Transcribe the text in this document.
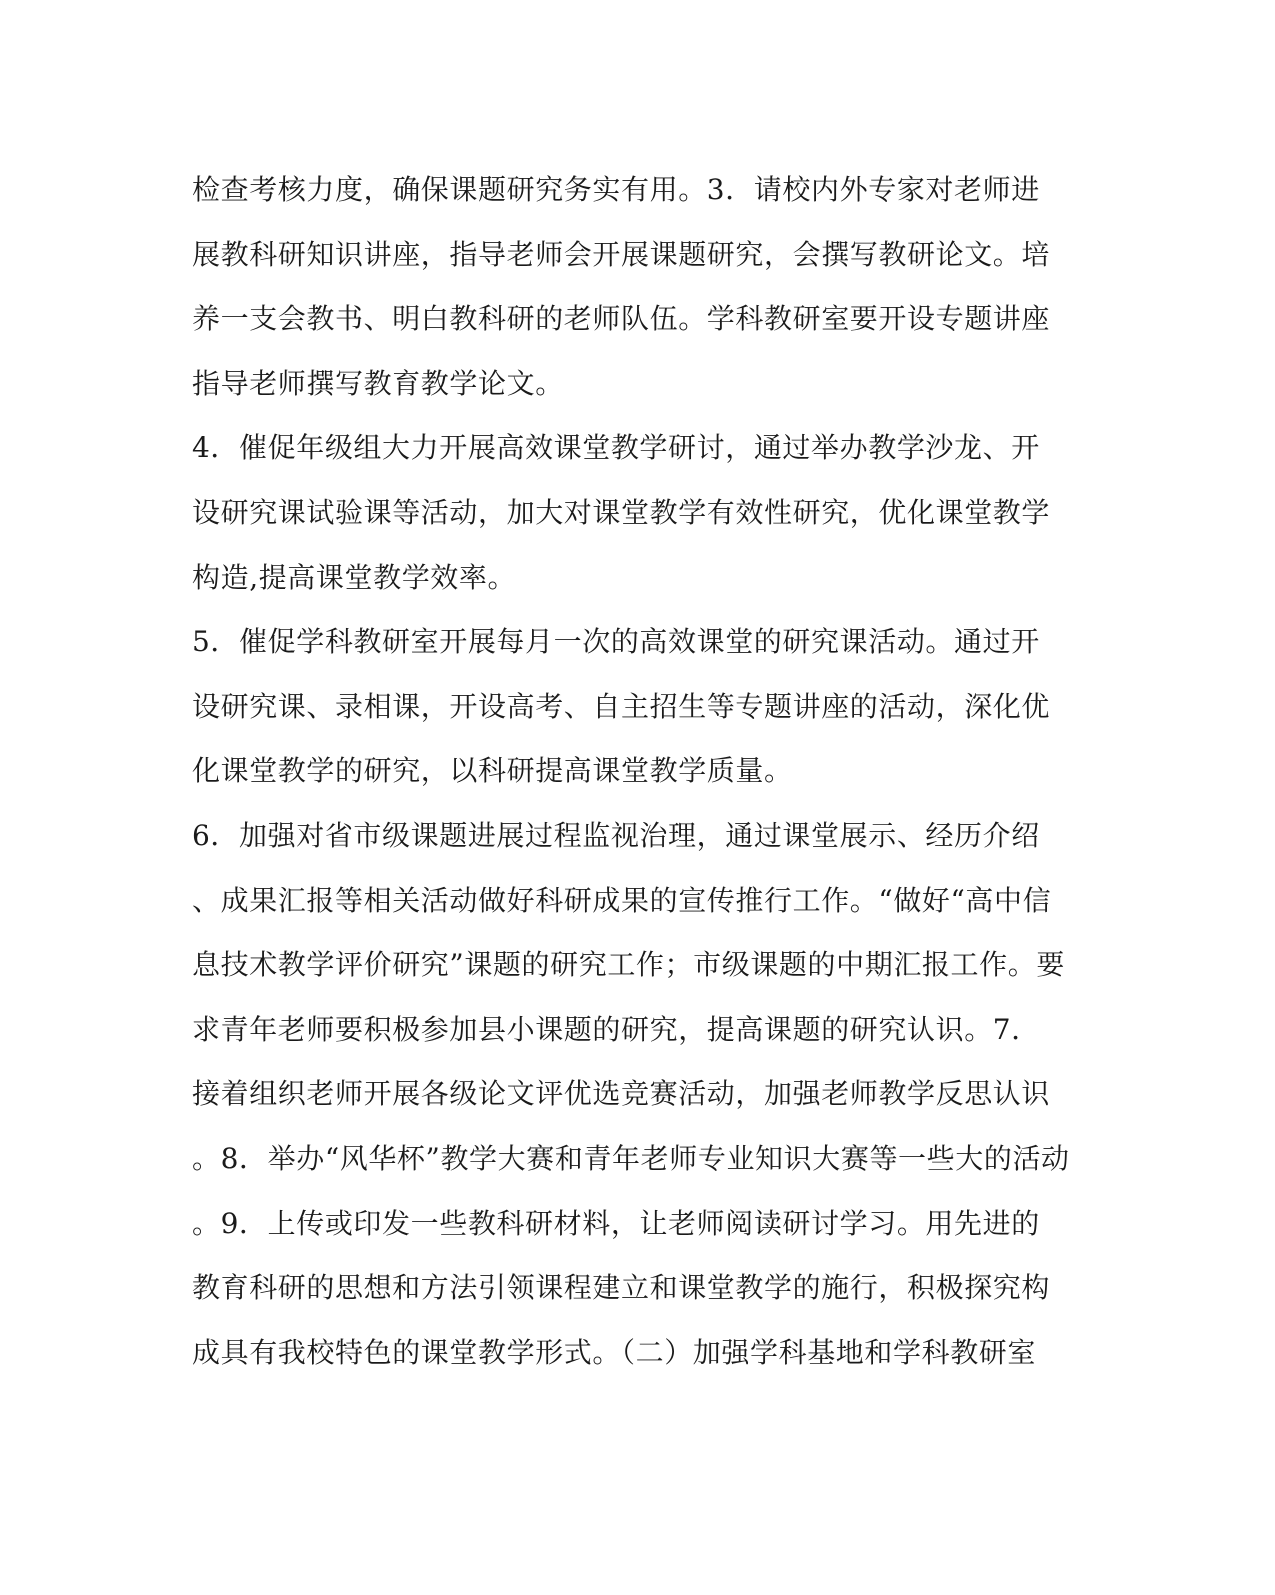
检查考核力度，确保课题研究务实有用。3．请校内外专家对老师进
展教科研知识讲座，指导老师会开展课题研究，会撰写教研论文。培
养一支会教书、明白教科研的老师队伍。学科教研室要开设专题讲座
指导老师撰写教育教学论文。
4．催促年级组大力开展高效课堂教学研讨，通过举办教学沙龙、开
设研究课试验课等活动，加大对课堂教学有效性研究，优化课堂教学
构造,提高课堂教学效率。
5．催促学科教研室开展每月一次的高效课堂的研究课活动。通过开
设研究课、录相课，开设高考、自主招生等专题讲座的活动，深化优
化课堂教学的研究，以科研提高课堂教学质量。
6．加强对省市级课题进展过程监视治理，通过课堂展示、经历介绍
、成果汇报等相关活动做好科研成果的宣传推行工作。“做好“高中信
息技术教学评价研究”课题的研究工作；市级课题的中期汇报工作。要
求青年老师要积极参加县小课题的研究，提高课题的研究认识。7．
接着组织老师开展各级论文评优选竞赛活动，加强老师教学反思认识
。8．举办“风华杯”教学大赛和青年老师专业知识大赛等一些大的活动
。9．上传或印发一些教科研材料，让老师阅读研讨学习。用先进的
教育科研的思想和方法引领课程建立和课堂教学的施行，积极探究构
成具有我校特色的课堂教学形式。（二）加强学科基地和学科教研室
